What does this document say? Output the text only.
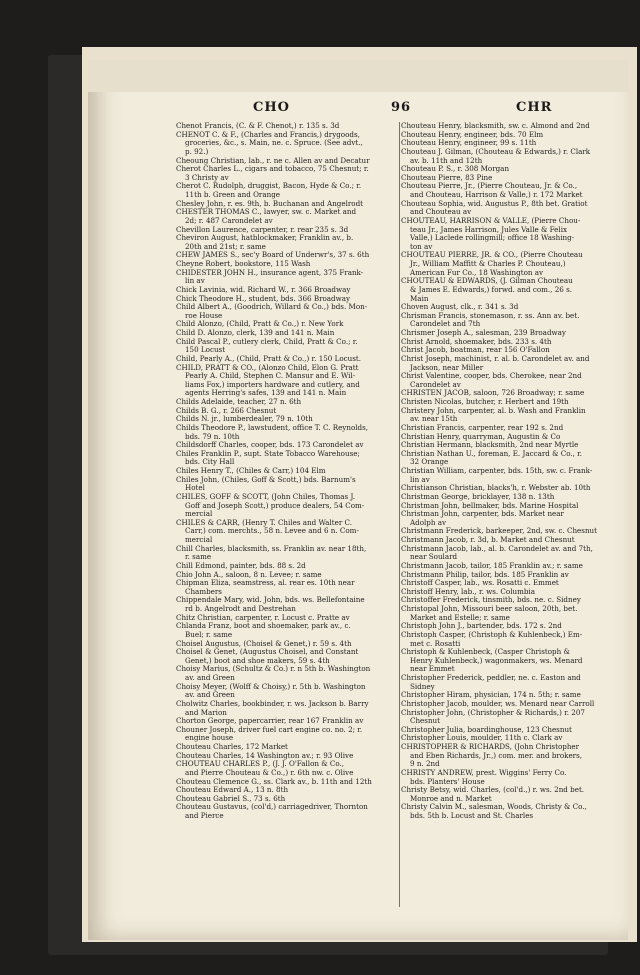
CHO	96	CHR
Chenot Francis, (C. & F. Chenot,) r. 135 s. 3d
CHENOT C. & F., (Charles and Francis,) drygoods,
groceries, &c., s. Main, ne. c. Spruce. (See advt.,
p. 92.)
Cheoung Christian, lab., r. ne c. Allen av and Decatur
Cherot Charles L., cigars and tobacco, 75 Chesnut; r.
3 Christy av
Cherot C. Rudolph, druggist, Bacon, Hyde & Co.; r.
11th b. Green and Orange
Chesley John, r. es. 9th, b. Buchanan and Angelrodt
CHESTER THOMAS C., lawyer, sw. c. Market and
2d; r. 487 Carondelet av
Chevillon Laurence, carpenter, r. rear 235 s. 3d
Cheviron August, hatblockmaker, Franklin av., b.
20th and 21st; r. same
CHEW JAMES S., sec'y Board of Underwr's, 37 s. 6th
Cheyne Robert, bookstore, 115 Wash
CHIDESTER JOHN H., insurance agent, 375 Frank-
lin av
Chick Lavinia, wid. Richard W., r. 366 Broadway
Chick Theodore H., student, bds. 366 Broadway
Child Albert A., (Goodrich, Willard & Co.,) bds. Mon-
roe House
Child Alonzo, (Child, Pratt & Co.,) r. New York
Child D. Alonzo, clerk, 139 and 141 n. Main
Child Pascal P., cutlery clerk, Child, Pratt & Co.; r.
150 Locust
Child, Pearly A., (Child, Pratt & Co.,) r. 150 Locust.
CHILD, PRATT & CO., (Alonzo Child, Elon G. Pratt
Pearly A. Child, Stephen C. Mansur and E. Wil-
liams Fox,) importers hardware and cutlery, and
agents Herring's safes, 139 and 141 n. Main
Childs Adelaide, teacher, 27 n. 6th
Childs B. G., r. 266 Chesnut
Childs N. jr., lumberdealer, 79 n. 10th
Childs Theodore P., lawstudent, office T. C. Reynolds,
bds. 79 n. 10th
Childsdorff Charles, cooper, bds. 173 Carondelet av
Chiles Franklin P., supt. State Tobacco Warehouse;
bds. City Hall
Chiles Henry T., (Chiles & Carr,) 104 Elm
Chiles John, (Chiles, Goff & Scott,) bds. Barnum's
Hotel
CHILES, GOFF & SCOTT, (John Chiles, Thomas J.
Goff and Joseph Scott,) produce dealers, 54 Com-
mercial
CHILES & CARR, (Henry T. Chiles and Walter C.
Carr,) com. merchts., 58 n. Levee and 6 n. Com-
mercial
Chill Charles, blacksmith, ss. Franklin av. near 18th,
r. same
Chill Edmond, painter, bds. 88 s. 2d
Chio John A., saloon, 8 n. Levee; r. same
Chipman Eliza, seamstress, al. rear es. 10th near
Chambers
Chippendale Mary, wid. John, bds. ws. Bellefontaine
rd b. Angelrodt and Destrehan
Chitz Christian, carpenter, r. Locust c. Pratte av
Chlanda Franz, boot and shoemaker, park av., c.
Buel; r. same
Choisel Augustus, (Choisel & Genet,) r. 59 s. 4th
Choisel & Genet, (Augustus Choisel, and Constant
Genet,) boot and shoe makers, 59 s. 4th
Choisy Marius, (Schultz & Co.) r. n 5th b. Washington
av. and Green
Choisy Meyer, (Wolff & Choisy,) r. 5th b. Washington
av. and Green
Cholwitz Charles, bookbinder, r. ws. Jackson b. Barry
and Marion
Chorton George, papercarrier, rear 167 Franklin av
Chouner Joseph, driver fuel cart engine co. no. 2; r.
engine house
Chouteau Charles, 172 Market
Chouteau Charles, 14 Washington av.; r. 93 Olive
CHOUTEAU CHARLES P., (J. J. O'Fallon & Co.,
and Pierre Chouteau & Co.,) r. 6th nw. c. Olive
Chouteau Clemence G., ss. Clark av., b. 11th and 12th
Chouteau Edward A., 13 n. 8th
Chouteau Gabriel S., 73 s. 6th
Chouteau Gustavus, (col'd,) carriagedriver, Thornton
and Pierce
Chouteau Henry, blacksmith, sw. c. Almond and 2nd
Chouteau Henry, engineer, bds. 70 Elm
Chouteau Henry, engineer, 99 s. 11th
Chouteau J. Gilman, (Chouteau & Edwards,) r. Clark
av. b. 11th and 12th
Chouteau P. S., r. 308 Morgan
Chouteau Pierre, 83 Pine
Chouteau Pierre, Jr., (Pierre Chouteau, Jr. & Co.,
and Chouteau, Harrison & Valle,) r. 172 Market
Chouteau Sophia, wid. Augustus P., 8th bet. Gratiot
and Chouteau av
CHOUTEAU, HARRISON & VALLE, (Pierre Chou-
teau Jr., James Harrison, Jules Valle & Felix
Valle,) Laclede rollingmill; office 18 Washing-
ton av
CHOUTEAU PIERRE, JR. & CO., (Pierre Chouteau
Jr., William Maffitt & Charles P. Chouteau,)
American Fur Co., 18 Washington av
CHOUTEAU & EDWARDS, (J. Gilman Chouteau
& James E. Edwards,) forwd. and com., 26 s.
Main
Choven August, clk., r. 341 s. 3d
Chrisman Francis, stonemason, r. ss. Ann av. bet.
Carondelet and 7th
Chrismer Joseph A., salesman, 239 Broadway
Christ Arnold, shoemaker, bds. 233 s. 4th
Christ Jacob, boatman, rear 156 O'Fallon
Christ Joseph, machinist, r. al. b. Carondelet av. and
Jackson, near Miller
Christ Valentine, cooper, bds. Cherokee, near 2nd
Carondelet av
CHRISTEN JACOB, saloon, 726 Broadway; r. same
Christen Nicolas, butcher, r. Herbert and 19th
Christery John, carpenter, al. b. Wash and Franklin
av. near 15th
Christian Francis, carpenter, rear 192 s. 2nd
Christian Henry, quarryman, Augustin & Co
Christian Hermann, blacksmith, 2nd near Myrtle
Christian Nathan U., foreman, E. Jaccard & Co., r.
32 Orange
Christian William, carpenter, bds. 15th, sw. c. Frank-
lin av
Christianson Christian, blacks'h, r. Webster ab. 10th
Christman George, bricklayer, 138 n. 13th
Christman John, bellmaker, bds. Marine Hospital
Christman John, carpenter, bds. Market near
Adolph av
Christmann Frederick, barkeeper, 2nd, sw. c. Chesnut
Christmann Jacob, r. 3d, b. Market and Chesnut
Christmann Jacob, lab., al. b. Carondelet av. and 7th,
near Soulard
Christmann Jacob, tailor, 185 Franklin av.; r. same
Christmann Philip, tailor, bds. 185 Franklin av
Christoff Casper, lab., ws. Rosatti c. Emmet
Christoff Henry, lab., r. ws. Columbia
Christoffer Frederick, tinsmith, bds. ne. c. Sidney
Christopal John, Missouri beer saloon, 20th, bet.
Market and Estelle; r. same
Christoph John J., bartender, bds. 172 s. 2nd
Christoph Casper, (Christoph & Kuhlenbeck,) Em-
met c. Rosatti
Christoph & Kuhlenbeck, (Casper Christoph &
Henry Kuhlenbeck,) wagonmakers, ws. Menard
near Emmet
Christopher Frederick, peddler, ne. c. Easton and
Sidney
Christopher Hiram, physician, 174 n. 5th; r. same
Christopher Jacob, moulder, ws. Menard near Carroll
Christopher John, (Christopher & Richards,) r. 207
Chesnut
Christopher Julia, boardinghouse, 123 Chesnut
Christopher Louis, moulder, 11th c. Clark av
CHRISTOPHER & RICHARDS, (John Christopher
and Eben Richards, Jr.,) com. mer. and brokers,
9 n. 2nd
CHRISTY ANDREW, prest. Wiggins' Ferry Co.
bds. Planters' House
Christy Betsy, wid. Charles, (col'd.,) r. ws. 2nd bet.
Monroe and n. Market
Christy Calvin M., salesman, Woods, Christy & Co.,
bds. 5th b. Locust and St. Charles
